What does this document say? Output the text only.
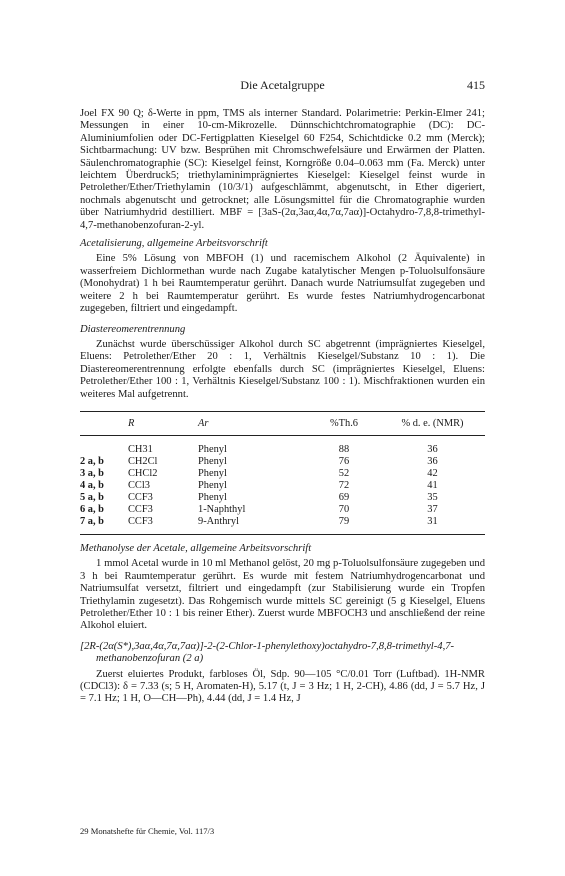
Die Acetalgruppe	415

Joel FX 90 Q; δ-Werte in ppm, TMS als interner Standard. Polarimetrie: Perkin-Elmer 241; Messungen in einer 10-cm-Mikrozelle. Dünnschichtchromatographie (DC): DC-Aluminiumfolien oder DC-Fertigplatten Kieselgel 60 F254, Schichtdicke 0.2 mm (Merck); Sichtbarmachung: UV bzw. Besprühen mit Chromschwefelsäure und Erwärmen der Platten. Säulenchromatographie (SC): Kieselgel feinst, Korngröße 0.04–0.063 mm (Fa. Merck) unter leichtem Überdruck5; triethylaminimprägniertes Kieselgel: Kieselgel feinst wurde in Petrolether/Ether/Triethylamin (10/3/1) aufgeschlämmt, abgenutscht, in Ether digeriert, nochmals abgenutscht und getrocknet; alle Lösungsmittel für die Chromatographie wurden über Natriumhydrid destilliert. MBF = [3aS-(2α,3aα,4α,7α,7aα)]-Octahydro-7,8,8-trimethyl-4,7-methanobenzofuran-2-yl.

Acetalisierung, allgemeine Arbeitsvorschrift

Eine 5% Lösung von MBFOH (1) und racemischem Alkohol (2 Äquivalente) in wasserfreiem Dichlormethan wurde nach Zugabe katalytischer Mengen p-Toluolsulfonsäure (Monohydrat) 1 h bei Raumtemperatur gerührt. Danach wurde Natriumsulfat zugegeben und weitere 2 h bei Raumtemperatur gerührt. Es wurde festes Natriumhydrogencarbonat zugegeben, filtriert und eingedampft.

Diastereomerentrennung

Zunächst wurde überschüssiger Alkohol durch SC abgetrennt (imprägniertes Kieselgel, Eluens: Petrolether/Ether 20 : 1, Verhältnis Kieselgel/Substanz 10 : 1). Die Diastereomerentrennung erfolgte ebenfalls durch SC (imprägniertes Kieselgel, Eluens: Petrolether/Ether 100 : 1, Verhältnis Kieselgel/Substanz 100 : 1). Mischfraktionen wurden ein weiteres Mal aufgetrennt.

	R	Ar	%Th.6	% d. e. (NMR)
	CH31	Phenyl	88	36
2 a, b	CH2Cl	Phenyl	76	36
3 a, b	CHCl2	Phenyl	52	42
4 a, b	CCl3	Phenyl	72	41
5 a, b	CCF3	Phenyl	69	35
6 a, b	CCF3	1-Naphthyl	70	37
7 a, b	CCF3	9-Anthryl	79	31
Methanolyse der Acetale, allgemeine Arbeitsvorschrift

1 mmol Acetal wurde in 10 ml Methanol gelöst, 20 mg p-Toluolsulfonsäure zugegeben und 3 h bei Raumtemperatur gerührt. Es wurde mit festem Natriumhydrogencarbonat und Natriumsulfat versetzt, filtriert und eingedampft (zur Stabilisierung wurde ein Tropfen Triethylamin zugesetzt). Das Rohgemisch wurde mittels SC gereinigt (5 g Kieselgel, Eluens Petrolether/Ether 10 : 1 bis reiner Ether). Zuerst wurde MBFOCH3 und anschließend der reine Alkohol eluiert.

[2R-(2α(S*),3aα,4α,7α,7aα)]-2-(2-Chlor-1-phenylethoxy)octahydro-7,8,8-trimethyl-4,7-methanobenzofuran (2 a)

Zuerst eluiertes Produkt, farbloses Öl, Sdp. 90—105 °C/0.01 Torr (Luftbad). 1H-NMR (CDCl3): δ = 7.33 (s; 5 H, Aromaten-H), 5.17 (t, J = 3 Hz; 1 H, 2-CH), 4.86 (dd, J = 5.7 Hz, J = 7.1 Hz; 1 H, O—CH—Ph), 4.44 (dd, J = 1.4 Hz, J

29 Monatshefte für Chemie, Vol. 117/3
